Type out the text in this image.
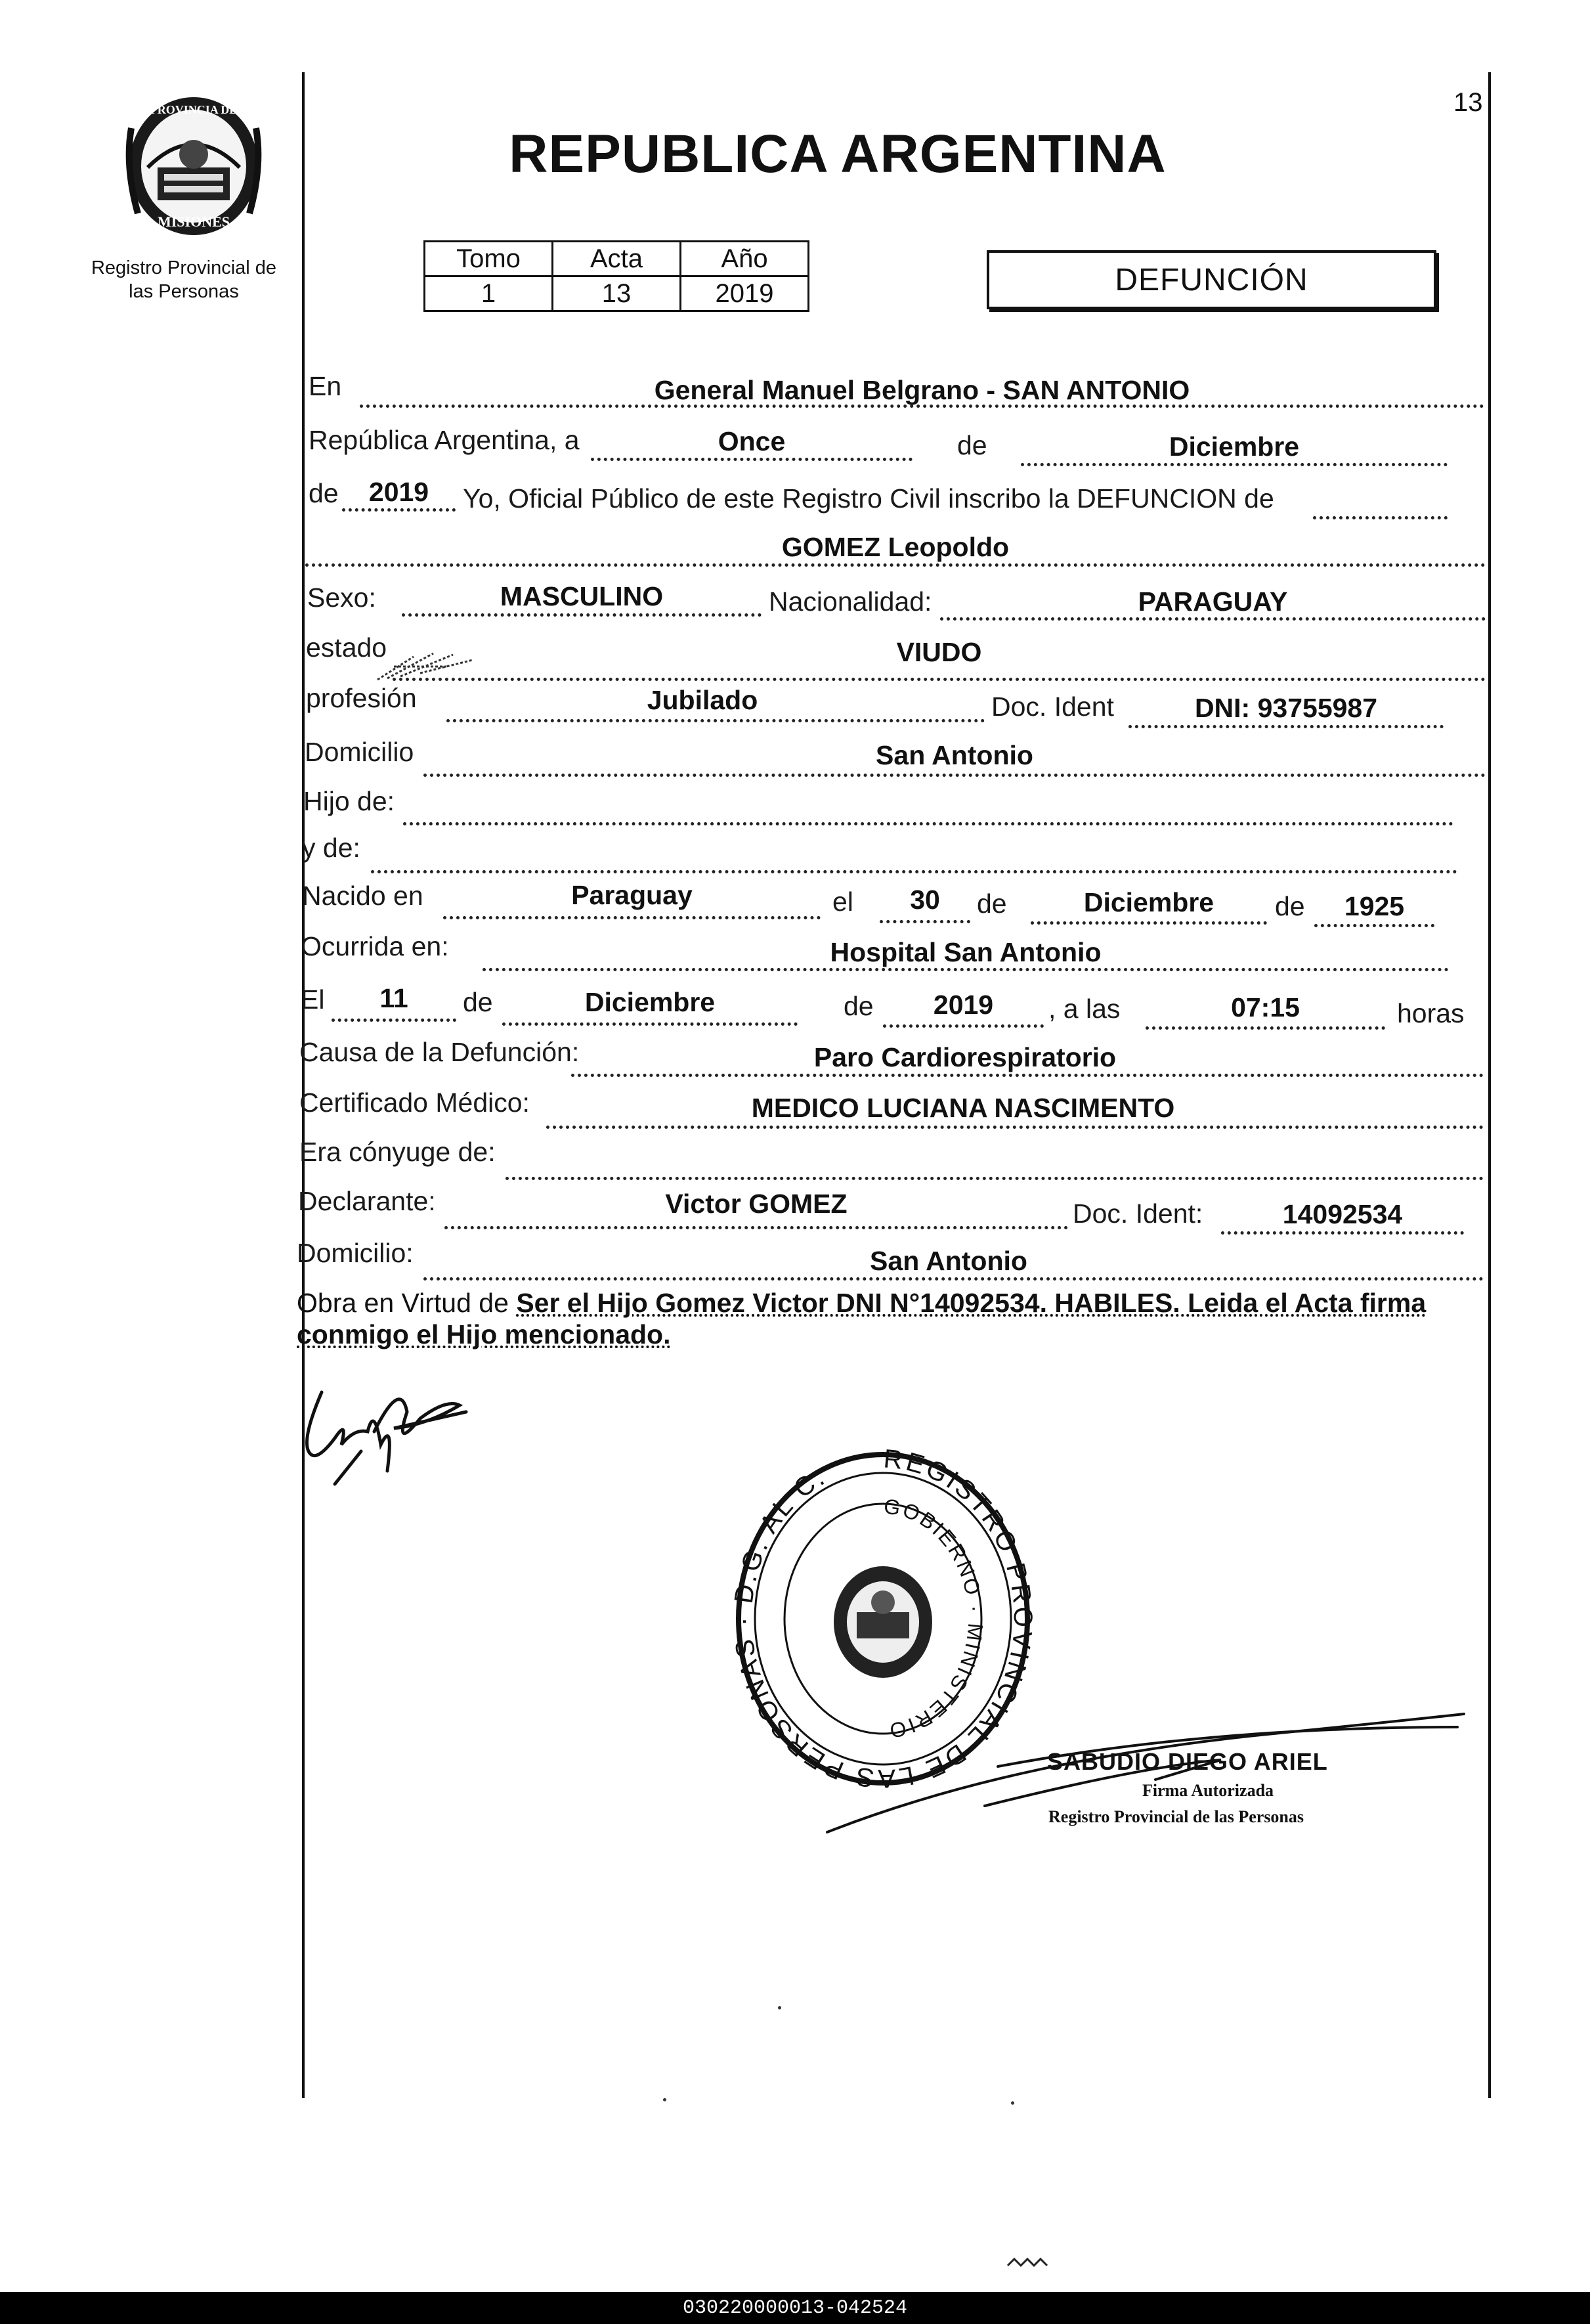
13
PROVINCIA DE
MISIONES
Registro Provincial de
las Personas
REPUBLICA ARGENTINA
Tomo	Acta	Año
1	13	2019	DEFUNCIÓN
En	General Manuel Belgrano - SAN ANTONIO
República Argentina, a	Once	de	Diciembre
de	2019	Yo, Oficial Público de este Registro Civil inscribo la DEFUNCION de
GOMEZ Leopoldo
Sexo:	MASCULINO	Nacionalidad:	PARAGUAY
estado	VIUDO
profesión	Jubilado	Doc. Ident	DNI: 93755987
Domicilio	San Antonio
Hijo de:
y de:
Nacido en	Paraguay	el	30	de	Diciembre	de	1925
Ocurrida en:	Hospital San Antonio
El	11	de	Diciembre	de	2019	, a las	07:15	horas
Causa de la Defunción:	Paro Cardiorespiratorio
Certificado Médico:	MEDICO LUCIANA NASCIMENTO
Era cónyuge de:
Declarante:	Victor GOMEZ	Doc. Ident:	14092534
Domicilio:	San Antonio
Obra en Virtud de Ser el Hijo Gomez Victor DNI N°14092534. HABILES. Leida el Acta firma
conmigo el Hijo mencionado.
REGISTRO PROVINCIAL DE LAS PERSONAS · D.G. AL C.
GOBIERNO · MINISTERIO
SABUDIO DIEGO ARIEL
Firma Autorizada
Registro Provincial de las Personas
030220000013-042524
